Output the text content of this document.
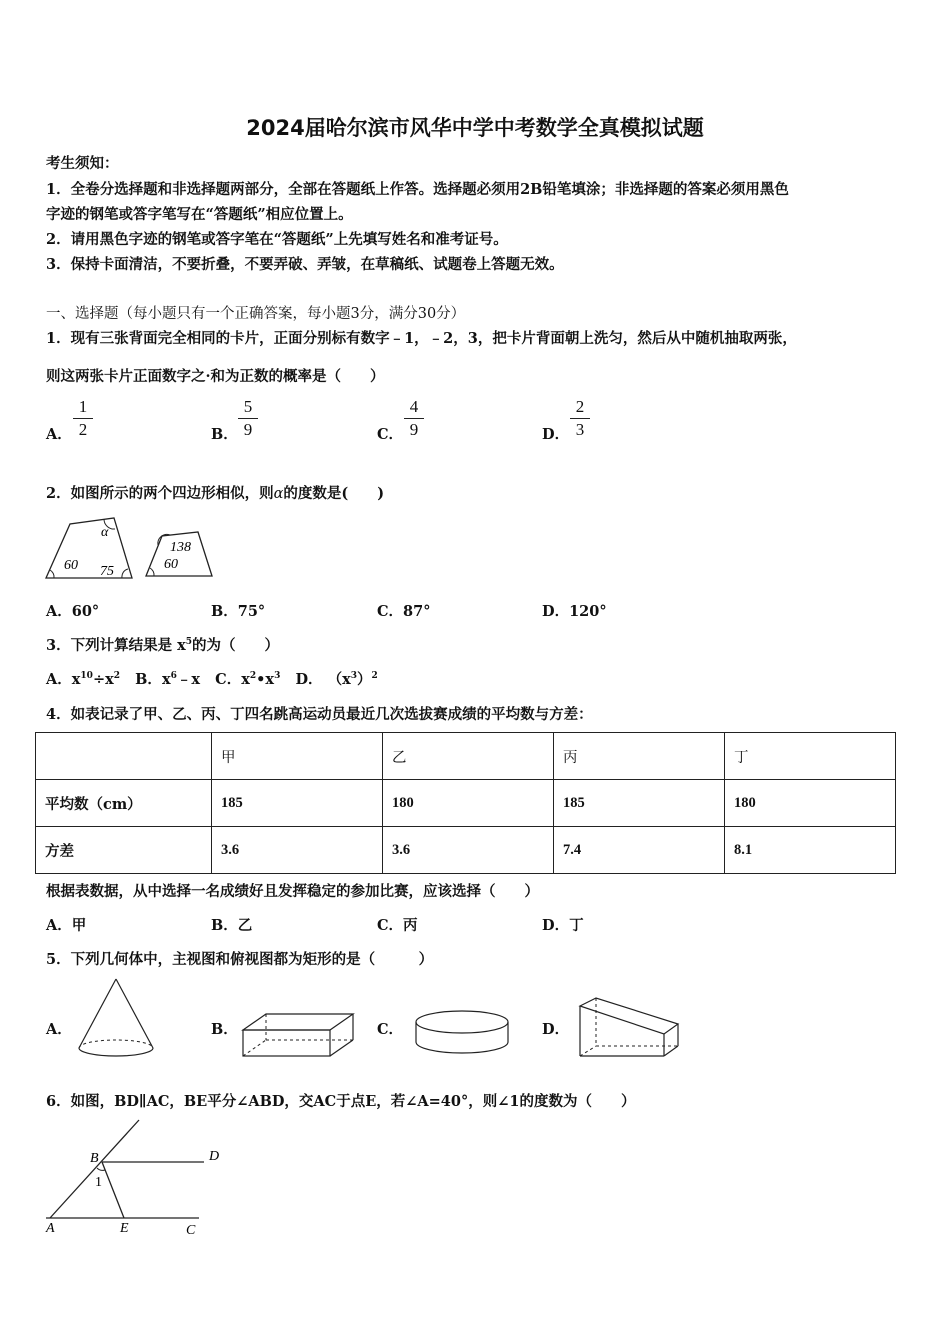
2024届哈尔滨市风华中学中考数学全真模拟试题
考生须知：
1．全卷分选择题和非选择题两部分，全部在答题纸上作答。选择题必须用2B铅笔填涂；非选择题的答案必须用黑色
字迹的钢笔或答字笔写在“答题纸”相应位置上。
2．请用黑色字迹的钢笔或答字笔在“答题纸”上先填写姓名和准考证号。
3．保持卡面清洁，不要折叠，不要弄破、弄皱，在草稿纸、试题卷上答题无效。
一、选择题（每小题只有一个正确答案，每小题3分，满分30分）
1．现有三张背面完全相同的卡片，正面分别标有数字﹣1，﹣2，3，把卡片背面朝上洗匀，然后从中随机抽取两张，
则这两张卡片正面数字之·和为正数的概率是（　　）
A．
1
2	B．
5
9	C．
4
9	D．
2
3
2．如图所示的两个四边形相似，则α的度数是(　　)
α
60 75
138
60
A．60°	B．75°	C．87°	D．120°
3．下列计算结果是 $x^5$的为（　　）
A．$x^{10}\div x^2$ B．$x^6﹣x$ C．$x^2•x^3$ D． $(x^3)^2$
4．如表记录了甲、乙、丙、丁四名跳高运动员最近几次选拔赛成绩的平均数与方差：
	甲	乙	丙	丁
平均数（cm）	185	180	185	180
方差	3.6	3.6	7.4	8.1
根据表数据，从中选择一名成绩好且发挥稳定的参加比赛，应该选择（　　）
A．甲	B．乙	C．丙	D．丁
5．下列几何体中，主视图和俯视图都为矩形的是（　　　）
A．	B．	C．	D．
6．如图，BD∥AC，BE平分∠ABD，交AC于点E，若∠A=40°，则∠1的度数为（　　）
B	D
1
A	E	C
